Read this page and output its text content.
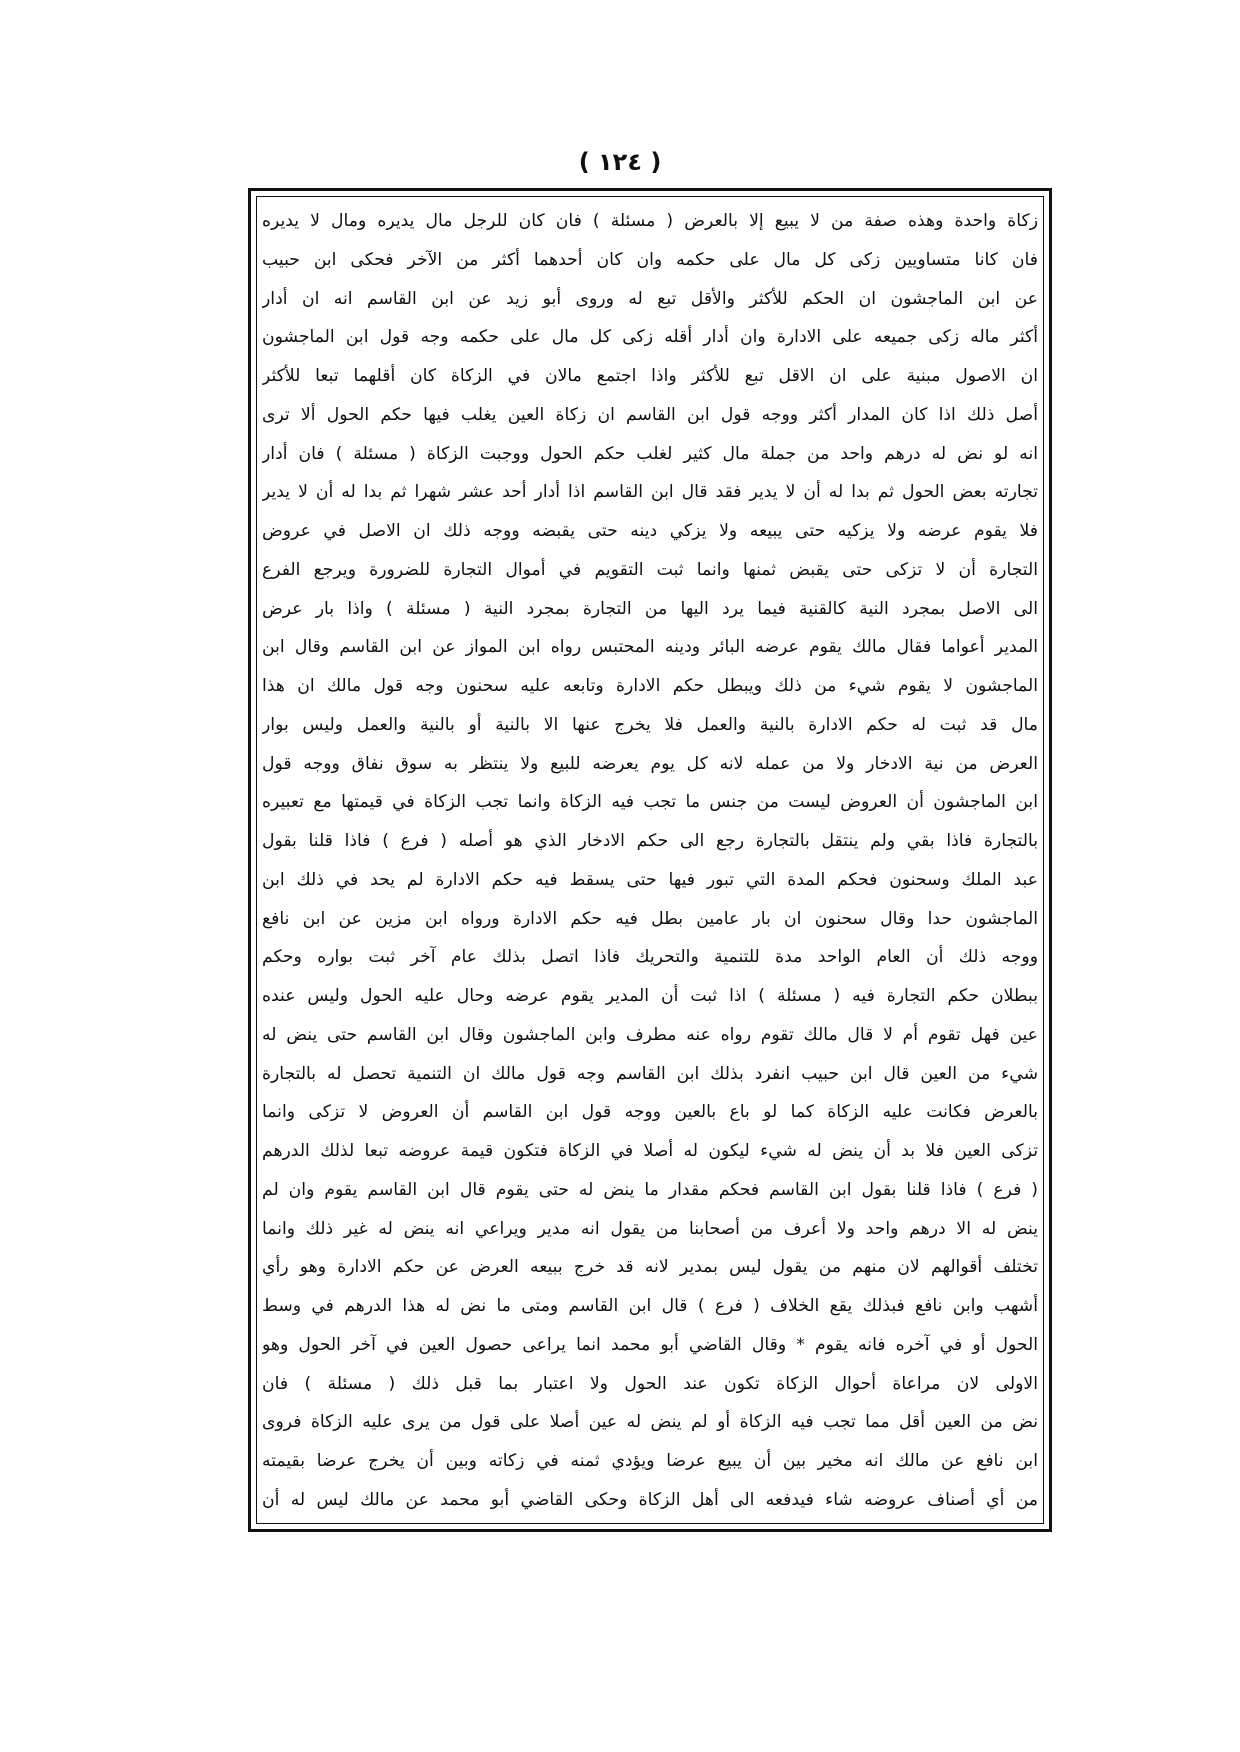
( ١٢٤ )
زكاة واحدة وهذه صفة من لا يبيع إلا بالعرض ( مسئلة ) فان كان للرجل مال يديره ومال لا يديره
فان كانا متساويين زكى كل مال على حكمه وان كان أحدهما أكثر من الآخر فحكى ابن حبيب
عن ابن الماجشون ان الحكم للأكثر والأقل تبع له وروى أبو زيد عن ابن القاسم انه ان أدار
أكثر ماله زكى جميعه على الادارة وان أدار أقله زكى كل مال على حكمه وجه قول ابن الماجشون
ان الاصول مبنية على ان الاقل تبع للأكثر واذا اجتمع مالان في الزكاة كان أقلهما تبعا للأكثر
أصل ذلك اذا كان المدار أكثر ووجه قول ابن القاسم ان زكاة العين يغلب فيها حكم الحول ألا ترى
انه لو نض له درهم واحد من جملة مال كثير لغلب حكم الحول ووجبت الزكاة ( مسئلة ) فان أدار
تجارته بعض الحول ثم بدا له أن لا يدير فقد قال ابن القاسم اذا أدار أحد عشر شهرا ثم بدا له أن لا يدير
فلا يقوم عرضه ولا يزكيه حتى يبيعه ولا يزكي دينه حتى يقبضه ووجه ذلك ان الاصل في عروض
التجارة أن لا تزكى حتى يقبض ثمنها وانما ثبت التقويم في أموال التجارة للضرورة ويرجع الفرع
الى الاصل بمجرد النية كالقنية فيما يرد اليها من التجارة بمجرد النية ( مسئلة ) واذا بار عرض
المدير أعواما فقال مالك يقوم عرضه البائر ودينه المحتبس رواه ابن المواز عن ابن القاسم وقال ابن
الماجشون لا يقوم شيء من ذلك ويبطل حكم الادارة وتابعه عليه سحنون وجه قول مالك ان هذا
مال قد ثبت له حكم الادارة بالنية والعمل فلا يخرج عنها الا بالنية أو بالنية والعمل وليس بوار
العرض من نية الادخار ولا من عمله لانه كل يوم يعرضه للبيع ولا ينتظر به سوق نفاق ووجه قول
ابن الماجشون أن العروض ليست من جنس ما تجب فيه الزكاة وانما تجب الزكاة في قيمتها مع تعبيره
بالتجارة فاذا بقي ولم ينتقل بالتجارة رجع الى حكم الادخار الذي هو أصله ( فرع ) فاذا قلنا بقول
عبد الملك وسحنون فحكم المدة التي تبور فيها حتى يسقط فيه حكم الادارة لم يحد في ذلك ابن
الماجشون حدا وقال سحنون ان بار عامين بطل فيه حكم الادارة ورواه ابن مزين عن ابن نافع
ووجه ذلك أن العام الواحد مدة للتنمية والتحريك فاذا اتصل بذلك عام آخر ثبت بواره وحكم
ببطلان حكم التجارة فيه ( مسئلة ) اذا ثبت أن المدير يقوم عرضه وحال عليه الحول وليس عنده
عين فهل تقوم أم لا قال مالك تقوم رواه عنه مطرف وابن الماجشون وقال ابن القاسم حتى ينض له
شيء من العين قال ابن حبيب انفرد بذلك ابن القاسم وجه قول مالك ان التنمية تحصل له بالتجارة
بالعرض فكانت عليه الزكاة كما لو باع بالعين ووجه قول ابن القاسم أن العروض لا تزكى وانما
تزكى العين فلا بد أن ينض له شيء ليكون له أصلا في الزكاة فتكون قيمة عروضه تبعا لذلك الدرهم
( فرع ) فاذا قلنا بقول ابن القاسم فحكم مقدار ما ينض له حتى يقوم قال ابن القاسم يقوم وان لم
ينض له الا درهم واحد ولا أعرف من أصحابنا من يقول انه مدير ويراعي انه ينض له غير ذلك وانما
تختلف أقوالهم لان منهم من يقول ليس بمدير لانه قد خرج ببيعه العرض عن حكم الادارة وهو رأي
أشهب وابن نافع فبذلك يقع الخلاف ( فرع ) قال ابن القاسم ومتى ما نض له هذا الدرهم في وسط
الحول أو في آخره فانه يقوم * وقال القاضي أبو محمد انما يراعى حصول العين في آخر الحول وهو
الاولى لان مراعاة أحوال الزكاة تكون عند الحول ولا اعتبار بما قبل ذلك ( مسئلة ) فان
نض من العين أقل مما تجب فيه الزكاة أو لم ينض له عين أصلا على قول من يرى عليه الزكاة فروى
ابن نافع عن مالك انه مخير بين أن يبيع عرضا ويؤدي ثمنه في زكاته وبين أن يخرج عرضا بقيمته
من أي أصناف عروضه شاء فيدفعه الى أهل الزكاة وحكى القاضي أبو محمد عن مالك ليس له أن
